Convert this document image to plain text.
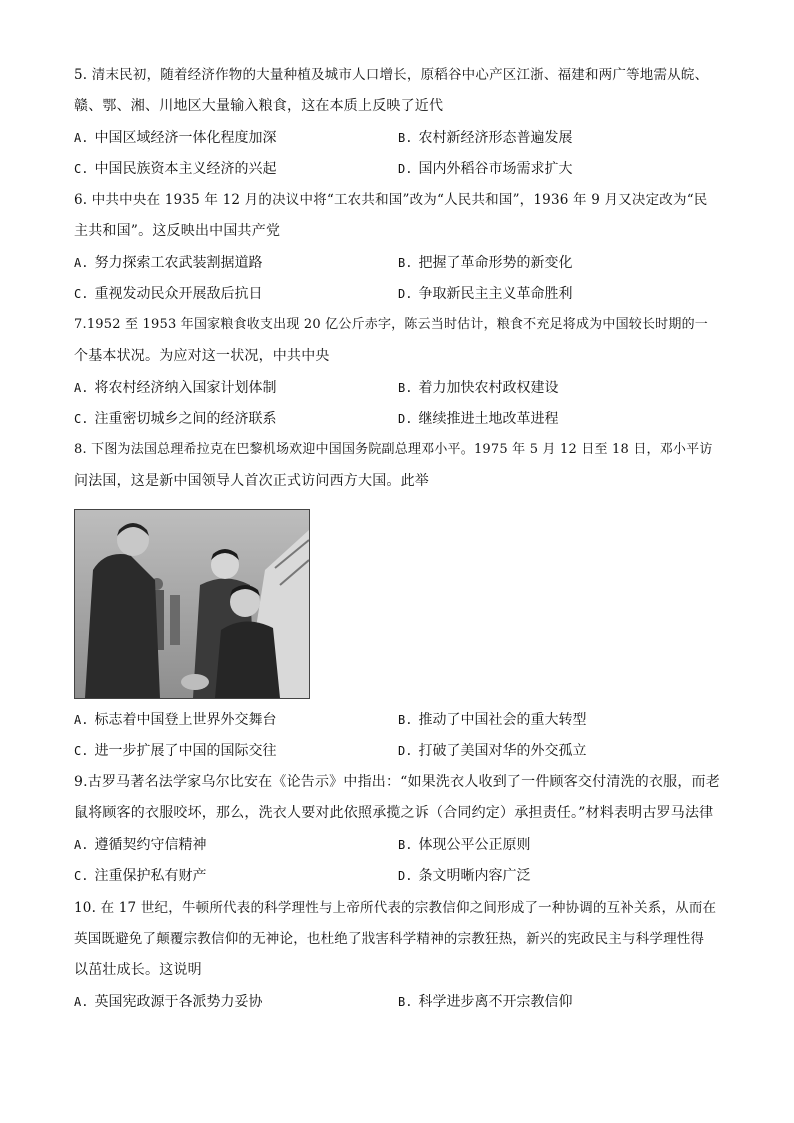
5. 清末民初，随着经济作物的大量种植及城市人口增长，原稻谷中心产区江浙、福建和两广等地需从皖、
赣、鄂、湘、川地区大量输入粮食，这在本质上反映了近代
A. 中国区域经济一体化程度加深	B. 农村新经济形态普遍发展
C. 中国民族资本主义经济的兴起	D. 国内外稻谷市场需求扩大
6. 中共中央在 1935 年 12 月的决议中将“工农共和国”改为“人民共和国”，1936 年 9 月又决定改为“民
主共和国”。这反映出中国共产党
A. 努力探索工农武装割据道路	B. 把握了革命形势的新变化
C. 重视发动民众开展敌后抗日	D. 争取新民主主义革命胜利
7.1952 至 1953 年国家粮食收支出现 20 亿公斤赤字，陈云当时估计，粮食不充足将成为中国较长时期的一
个基本状况。为应对这一状况，中共中央
A. 将农村经济纳入国家计划体制	B. 着力加快农村政权建设
C. 注重密切城乡之间的经济联系	D. 继续推进土地改革进程
8. 下图为法国总理希拉克在巴黎机场欢迎中国国务院副总理邓小平。1975 年 5 月 12 日至 18 日，邓小平访
问法国，这是新中国领导人首次正式访问西方大国。此举
A. 标志着中国登上世界外交舞台	B. 推动了中国社会的重大转型
C. 进一步扩展了中国的国际交往	D. 打破了美国对华的外交孤立
9.古罗马著名法学家乌尔比安在《论告示》中指出：“如果洗衣人收到了一件顾客交付清洗的衣服，而老
鼠将顾客的衣服咬坏，那么，洗衣人要对此依照承揽之诉（合同约定）承担责任。”材料表明古罗马法律
A. 遵循契约守信精神	B. 体现公平公正原则
C. 注重保护私有财产	D. 条文明晰内容广泛
10. 在 17 世纪，牛顿所代表的科学理性与上帝所代表的宗教信仰之间形成了一种协调的互补关系，从而在
英国既避免了颠覆宗教信仰的无神论，也杜绝了戕害科学精神的宗教狂热，新兴的宪政民主与科学理性得
以茁壮成长。这说明
A. 英国宪政源于各派势力妥协	B. 科学进步离不开宗教信仰
